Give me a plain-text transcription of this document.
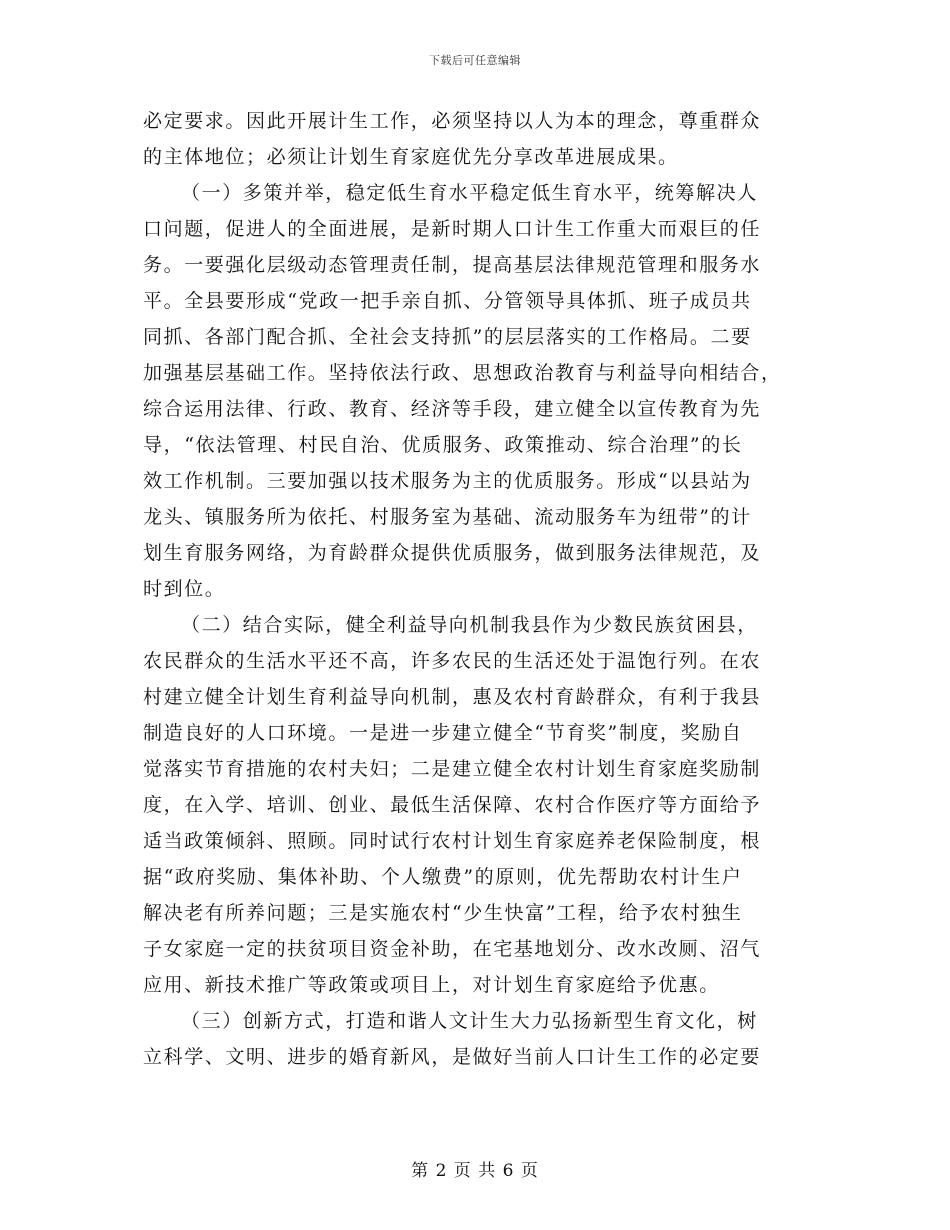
下载后可任意编辑
必定要求。因此开展计生工作，必须坚持以人为本的理念，尊重群众
的主体地位；必须让计划生育家庭优先分享改革进展成果。
（一）多策并举，稳定低生育水平稳定低生育水平，统筹解决人
口问题，促进人的全面进展，是新时期人口计生工作重大而艰巨的任
务。一要强化层级动态管理责任制，提高基层法律规范管理和服务水
平。全县要形成“党政一把手亲自抓、分管领导具体抓、班子成员共
同抓、各部门配合抓、全社会支持抓”的层层落实的工作格局。二要
加强基层基础工作。坚持依法行政、思想政治教育与利益导向相结合，
综合运用法律、行政、教育、经济等手段，建立健全以宣传教育为先
导，“依法管理、村民自治、优质服务、政策推动、综合治理”的长
效工作机制。三要加强以技术服务为主的优质服务。形成“以县站为
龙头、镇服务所为依托、村服务室为基础、流动服务车为纽带”的计
划生育服务网络，为育龄群众提供优质服务，做到服务法律规范，及
时到位。
（二）结合实际，健全利益导向机制我县作为少数民族贫困县，
农民群众的生活水平还不高，许多农民的生活还处于温饱行列。在农
村建立健全计划生育利益导向机制，惠及农村育龄群众，有利于我县
制造良好的人口环境。一是进一步建立健全“节育奖”制度，奖励自
觉落实节育措施的农村夫妇；二是建立健全农村计划生育家庭奖励制
度，在入学、培训、创业、最低生活保障、农村合作医疗等方面给予
适当政策倾斜、照顾。同时试行农村计划生育家庭养老保险制度，根
据“政府奖励、集体补助、个人缴费”的原则，优先帮助农村计生户
解决老有所养问题；三是实施农村“少生快富”工程，给予农村独生
子女家庭一定的扶贫项目资金补助，在宅基地划分、改水改厕、沼气
应用、新技术推广等政策或项目上，对计划生育家庭给予优惠。
（三）创新方式，打造和谐人文计生大力弘扬新型生育文化，树
立科学、文明、进步的婚育新风，是做好当前人口计生工作的必定要
第 2 页 共 6 页
